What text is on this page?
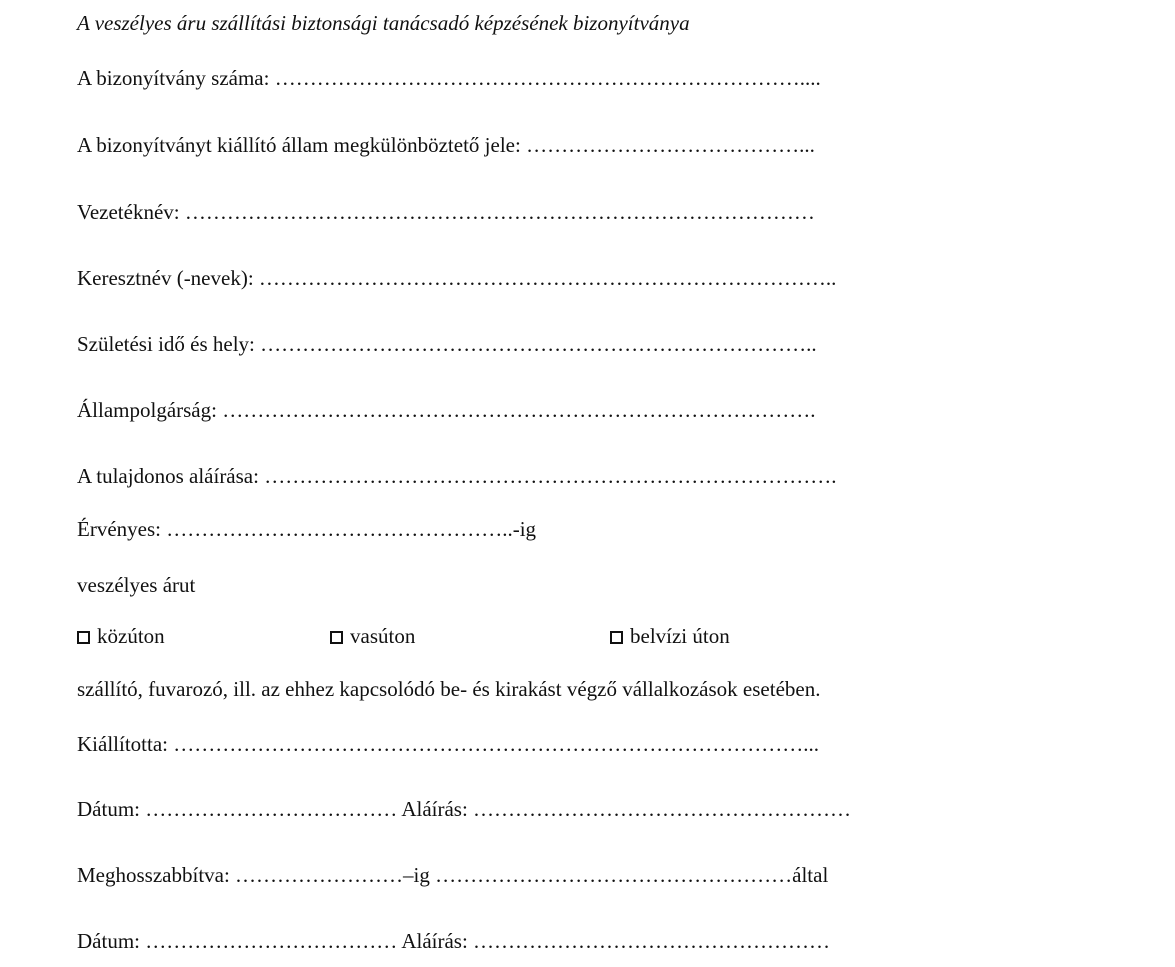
A veszélyes áru szállítási biztonsági tanácsadó képzésének bizonyítványa
A bizonyítvány száma: …………………………………………………………………....
A bizonyítványt kiállító állam megkülönböztető jele: …………………………………...
Vezetéknév: ………………………………………………………………………………
Keresztnév (-nevek): ………………………………………………………………………..
Születési idő és hely: ……………………………………………………………………..
Állampolgárság: ………………………………………………………………………….
A tulajdonos aláírása: ……………………………………………………………………….
Érvényes: …………………………………………..-ig
veszélyes árut
közúton	vasúton	belvízi úton
szállító, fuvarozó, ill. az ehhez kapcsolódó be- és kirakást végző vállalkozások esetében.
Kiállította: ………………………………………………………………………………...
Dátum: ……………………………… Aláírás: ………………………………………………
Meghosszabbítva: ……………………–ig ……………………………………………által
Dátum: ……………………………… Aláírás: ……………………………………………
